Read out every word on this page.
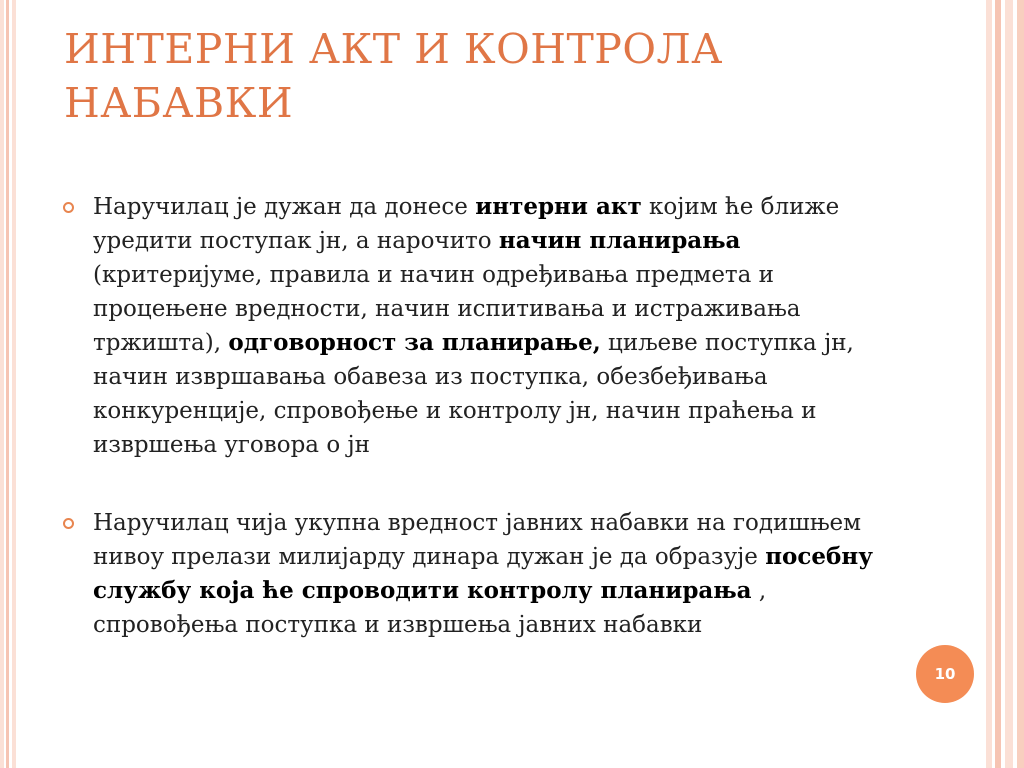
ИНТЕРНИ АКТ И КОНТРОЛА НАБАВКИ

Наручилац је дужан да донесе интерни акт којим ће ближе уредити поступак јн, а нарочито начин планирања (критеријуме, правила и начин одређивања предмета и процењене вредности, начин испитивања и истраживања тржишта), одговорност за планирање, циљеве поступка јн, начин извршавања обавеза из поступка, обезбеђивања конкуренције, спровођење и контролу јн, начин праћења и извршења уговора о јн

Наручилац чија укупна вредност јавних набавки на годишњем нивоу прелази милијарду динара дужан је да образује посебну службу која ће спроводити контролу планирања , спровођења поступка и извршења јавних набавки

10
